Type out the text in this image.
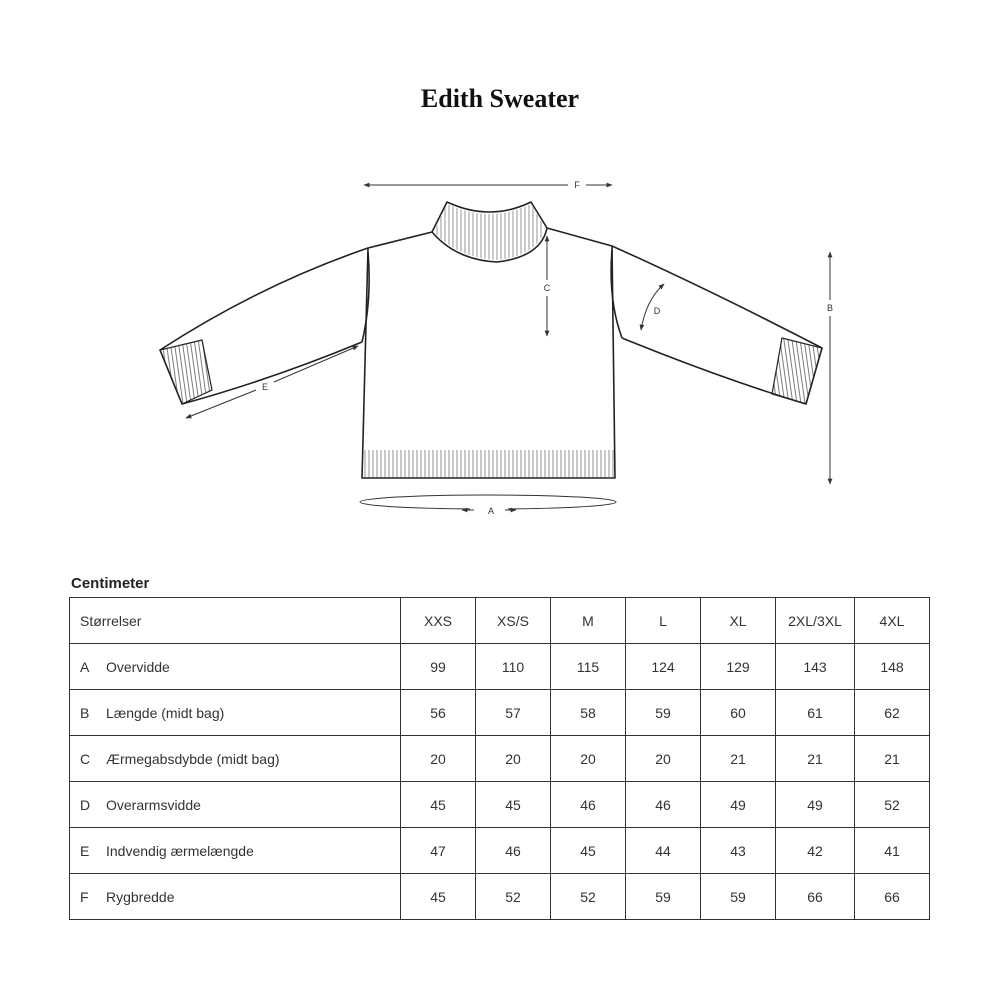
Edith Sweater
A
B
C
D
E
F
Centimeter
Størrelser	XXS	XS/S	M	L	XL	2XL/3XL	4XL
A Overvidde	99	110	115	124	129	143	148
B Længde (midt bag)	56	57	58	59	60	61	62
C Ærmegabsdybde (midt bag)	20	20	20	20	21	21	21
D Overarmsvidde	45	45	46	46	49	49	52
E Indvendig ærmelængde	47	46	45	44	43	42	41
F Rygbredde	45	52	52	59	59	66	66
